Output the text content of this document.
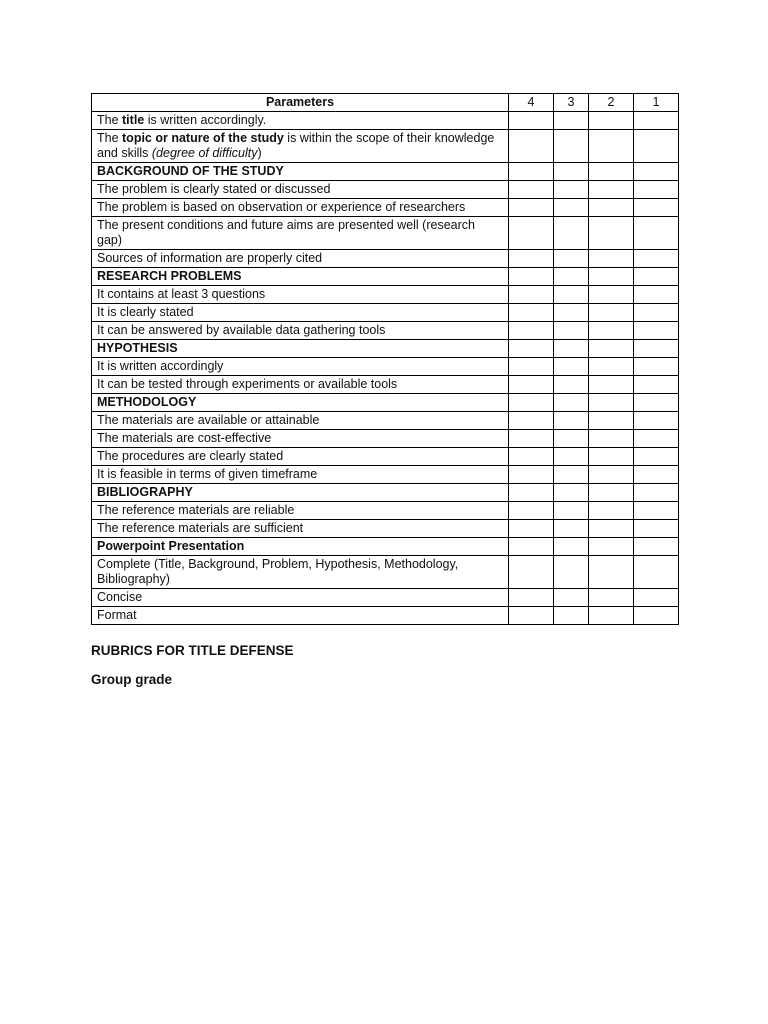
Parameters	4	3	2	1
The title is written accordingly.				
The topic or nature of the study is within the scope of their knowledge and skills (degree of difficulty)				
BACKGROUND OF THE STUDY				
The problem is clearly stated or discussed				
The problem is based on observation or experience of researchers				
The present conditions and future aims are presented well (research gap)				
Sources of information are properly cited				
RESEARCH PROBLEMS				
It contains at least 3 questions				
It is clearly stated				
It can be answered by available data gathering tools				
HYPOTHESIS				
It is written accordingly				
It can be tested through experiments or available tools				
METHODOLOGY				
The materials are available or attainable				
The materials are cost-effective				
The procedures are clearly stated				
It is feasible in terms of given timeframe				
BIBLIOGRAPHY				
The reference materials are reliable				
The reference materials are sufficient				
Powerpoint Presentation				
Complete (Title, Background, Problem, Hypothesis, Methodology, Bibliography)				
Concise				
Format				
RUBRICS FOR TITLE DEFENSE
Group grade
